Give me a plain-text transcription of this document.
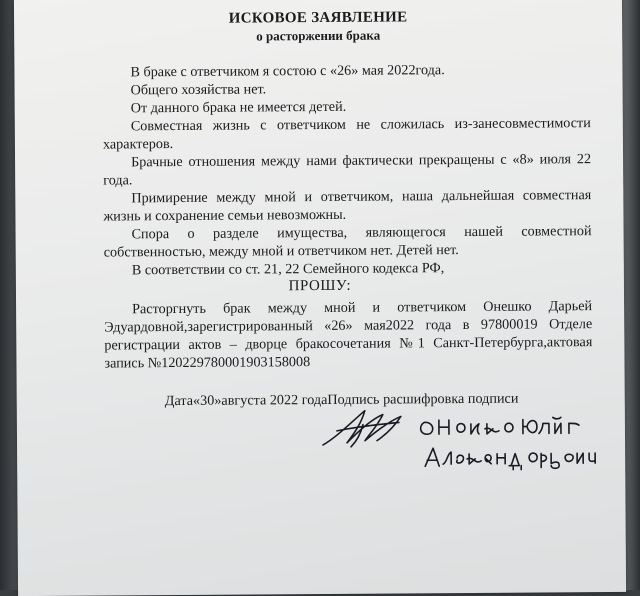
ИСКОВОЕ ЗАЯВЛЕНИЕ
о расторжении брака

В браке с ответчиком я состою с «26» мая 2022года.

Общего хозяйства нет.

От данного брака не имеется детей.

Совместная жизнь с ответчиком не сложилась из-занесовместимости характеров.

Брачные отношения между нами фактически прекращены с «8» июля 22 года.

Примирение между мной и ответчиком, наша дальнейшая совместная жизнь и сохранение семьи невозможны.

Спора о разделе имущества, являющегося нашей совместной собственностью, между мной и ответчиком нет. Детей нет.

В соответствии со ст. 21, 22 Семейного кодекса РФ,

ПРОШУ:
Расторгнуть брак между мной и ответчиком Онешко Дарьей Эдуардовной,зарегистрированный «26» мая2022 года в 97800019 Отделе регистрации актов – дворце бракосочетания №1 Санкт-Петербурга,актовая запись №120229780001903158008
Дата«30»августа 2022 годаПодпись расшифровка подписи
